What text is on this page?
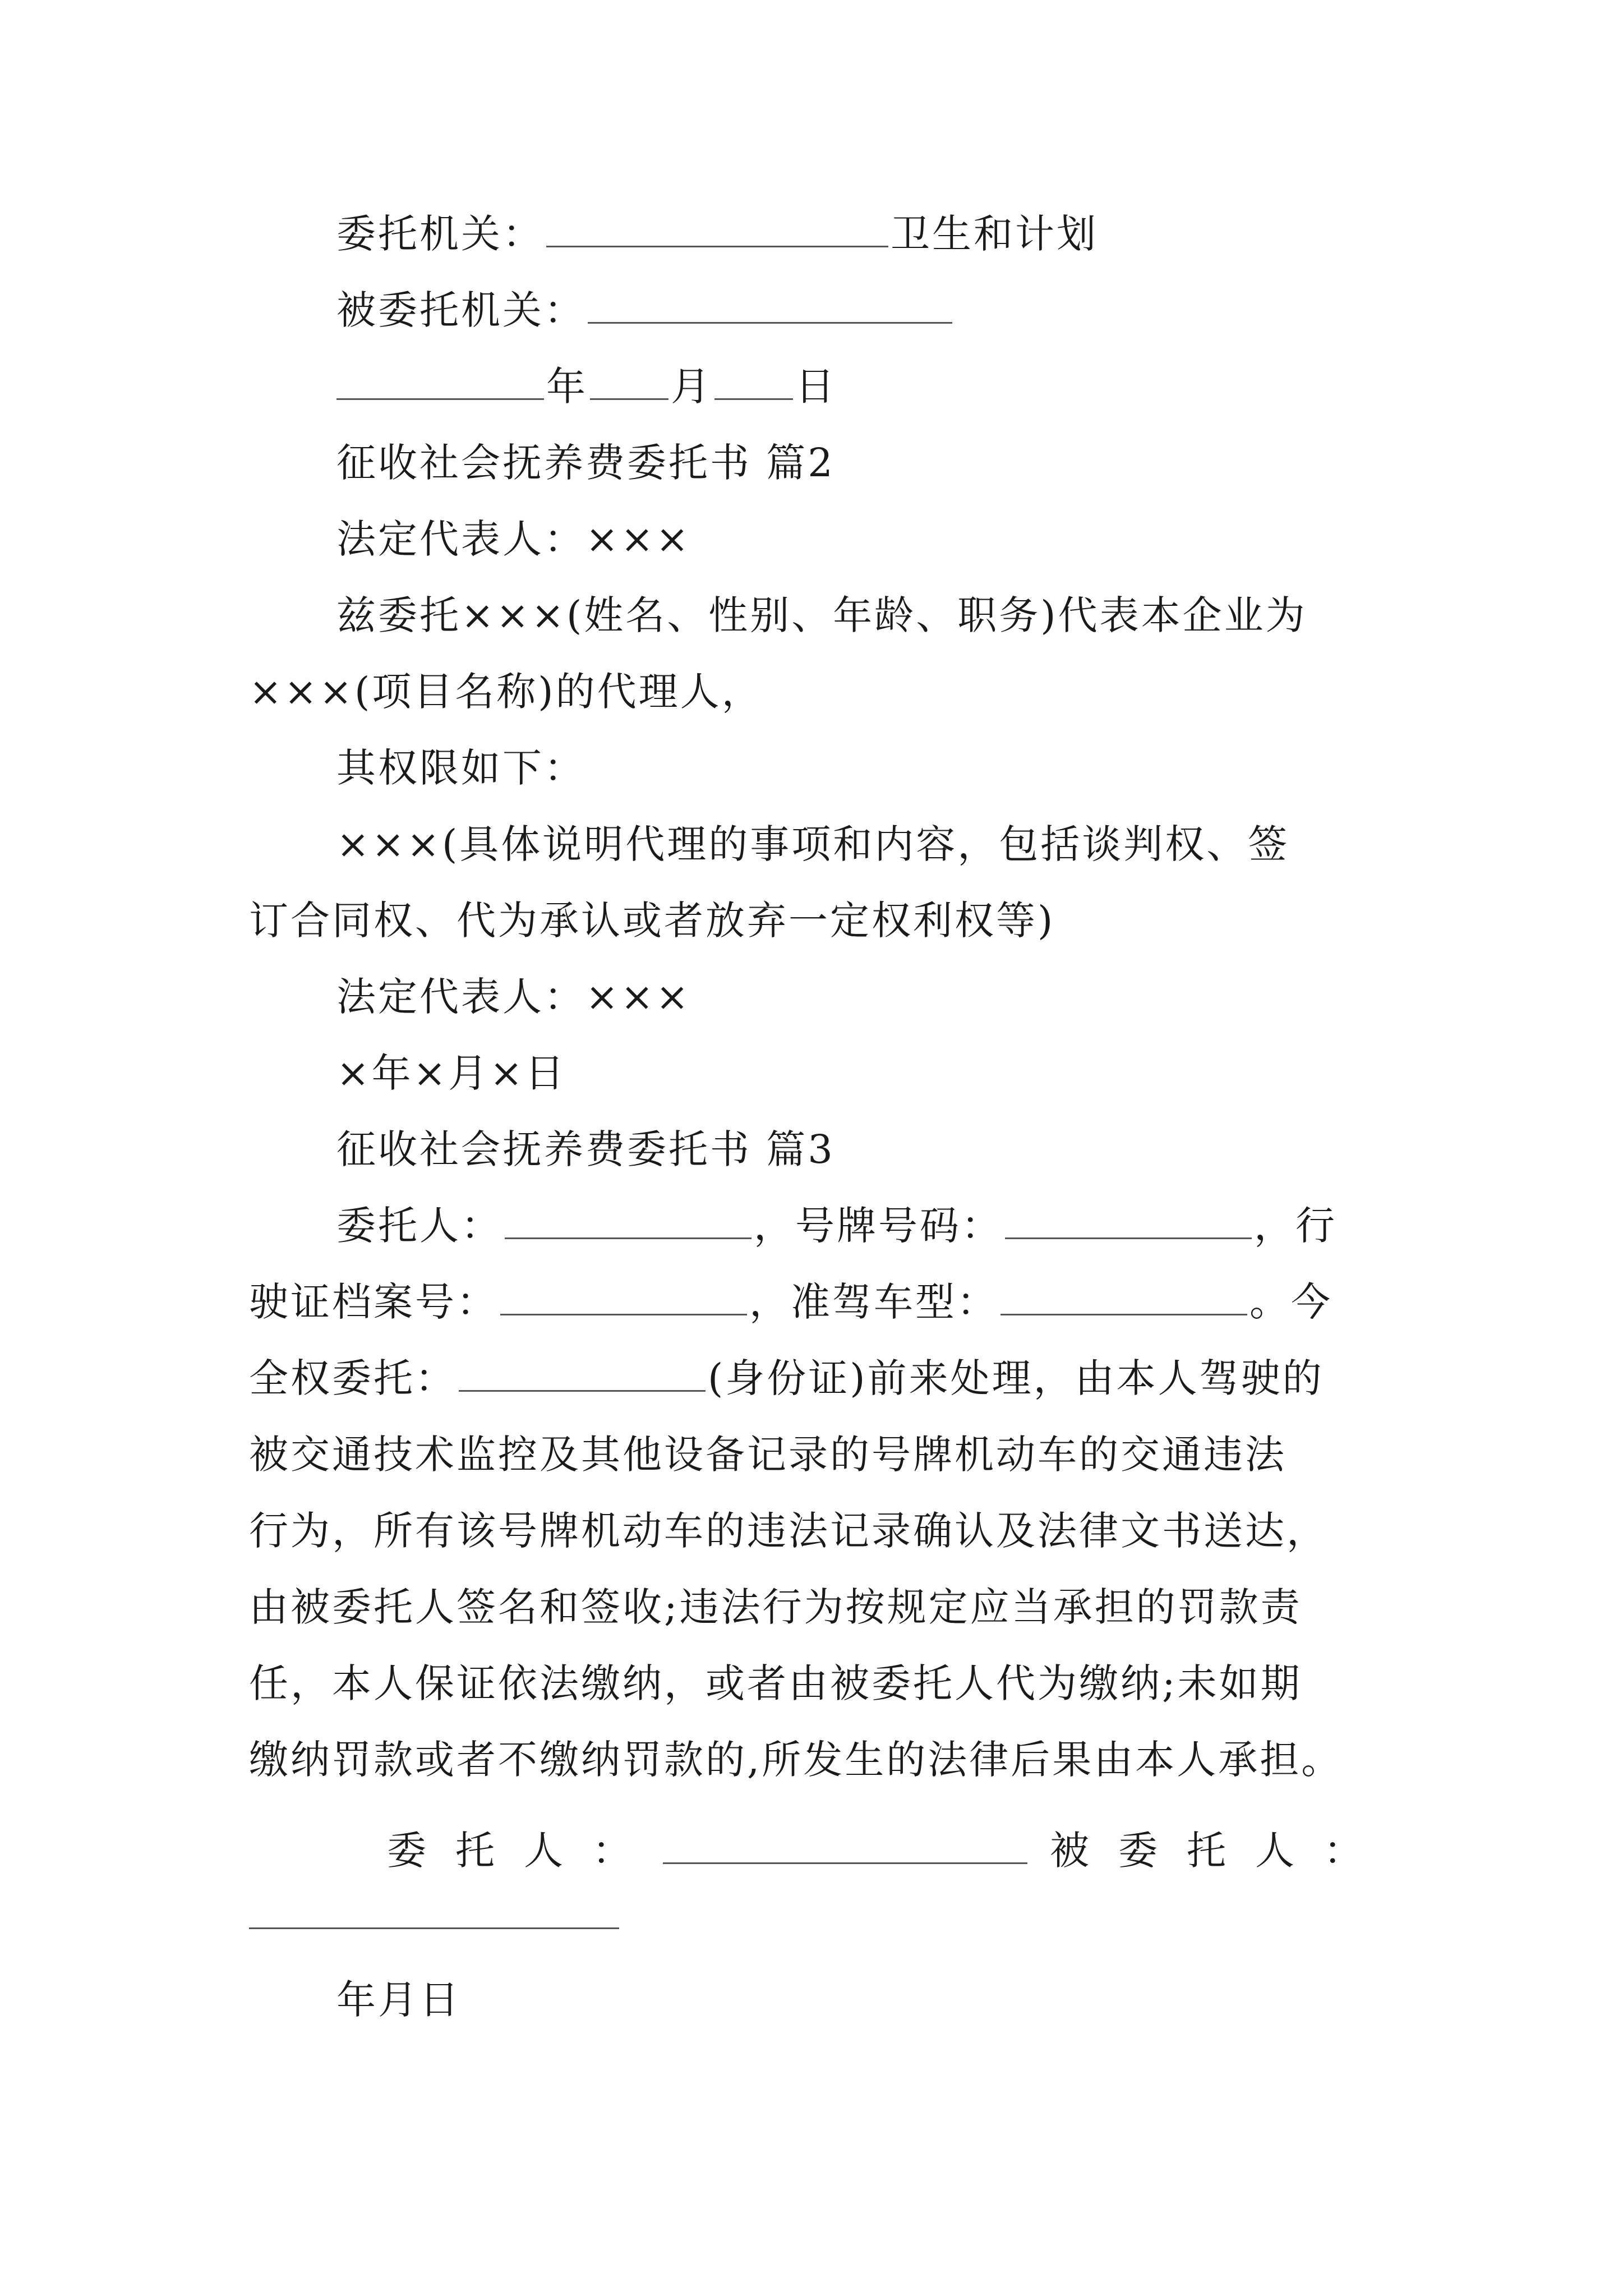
委托机关：	卫生和计划
被委托机关：
年 月 日
征收社会抚养费委托书 篇2
法定代表人：×××
兹委托×××(姓名、性别、年龄、职务)代表本企业为
×××(项目名称)的代理人，
其权限如下：
×××(具体说明代理的事项和内容，包括谈判权、签
订合同权、代为承认或者放弃一定权利权等)
法定代表人：×××
×年×月×日
征收社会抚养费委托书 篇3
委托人：	，号牌号码：	，行
驶证档案号：	，准驾车型：	。今
全权委托：	(身份证)前来处理，由本人驾驶的
被交通技术监控及其他设备记录的号牌机动车的交通违法
行为，所有该号牌机动车的违法记录确认及法律文书送达，
由被委托人签名和签收;违法行为按规定应当承担的罚款责
任，本人保证依法缴纳，或者由被委托人代为缴纳;未如期
缴纳罚款或者不缴纳罚款的,所发生的法律后果由本人承担。
委托人：	被委托人：
年月日
